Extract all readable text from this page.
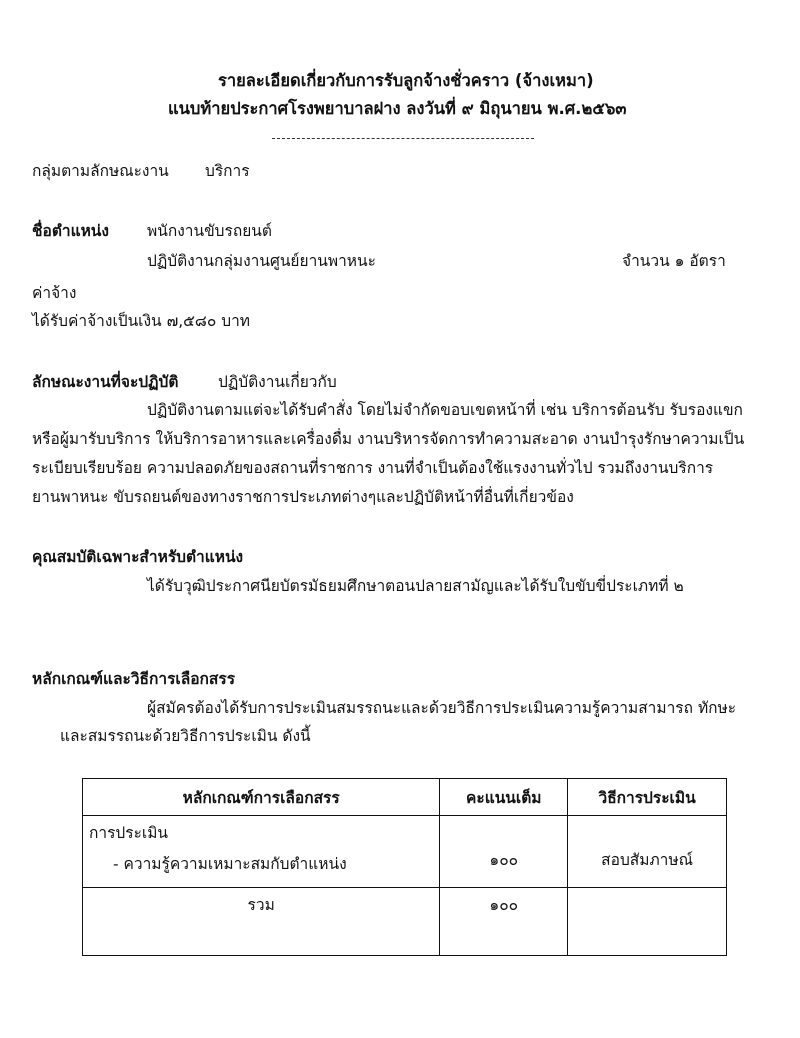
รายละเอียดเกี่ยวกับการรับลูกจ้างชั่วคราว (จ้างเหมา)
แนบท้ายประกาศโรงพยาบาลฝาง ลงวันที่ ๙ มิถุนายน พ.ศ.๒๕๖๓
กลุ่มตามลักษณะงาน บริการ
ชื่อตำแหน่ง พนักงานขับรถยนต์
ปฏิบัติงานกลุ่มงานศูนย์ยานพาหนะ	จำนวน ๑ อัตรา
ค่าจ้าง
ได้รับค่าจ้างเป็นเงิน ๗,๕๘๐ บาท
ลักษณะงานที่จะปฏิบัติ	ปฏิบัติงานเกี่ยวกับ
ปฏิบัติงานตามแต่จะได้รับคำสั่ง โดยไม่จำกัดขอบเขตหน้าที่ เช่น บริการต้อนรับ รับรองแขก
หรือผู้มารับบริการ ให้บริการอาหารและเครื่องดื่ม งานบริหารจัดการทำความสะอาด งานบำรุงรักษาความเป็น
ระเบียบเรียบร้อย ความปลอดภัยของสถานที่ราชการ งานที่จำเป็นต้องใช้แรงงานทั่วไป รวมถึงงานบริการ
ยานพาหนะ ขับรถยนต์ของทางราชการประเภทต่างๆและปฏิบัติหน้าที่อื่นที่เกี่ยวข้อง
คุณสมบัติเฉพาะสำหรับตำแหน่ง
ได้รับวุฒิประกาศนียบัตรมัธยมศึกษาตอนปลายสามัญและได้รับใบขับขี่ประเภทที่ ๒
หลักเกณฑ์และวิธีการเลือกสรร
ผู้สมัครต้องได้รับการประเมินสมรรถนะและด้วยวิธีการประเมินความรู้ความสามารถ ทักษะ
และสมรรถนะด้วยวิธีการประเมิน ดังนี้
หลักเกณฑ์การเลือกสรร	คะแนนเต็ม	วิธีการประเมิน
การประเมิน
- ความรู้ความเหมาะสมกับตำแหน่ง	๑๐๐	สอบสัมภาษณ์
รวม	๑๐๐	
